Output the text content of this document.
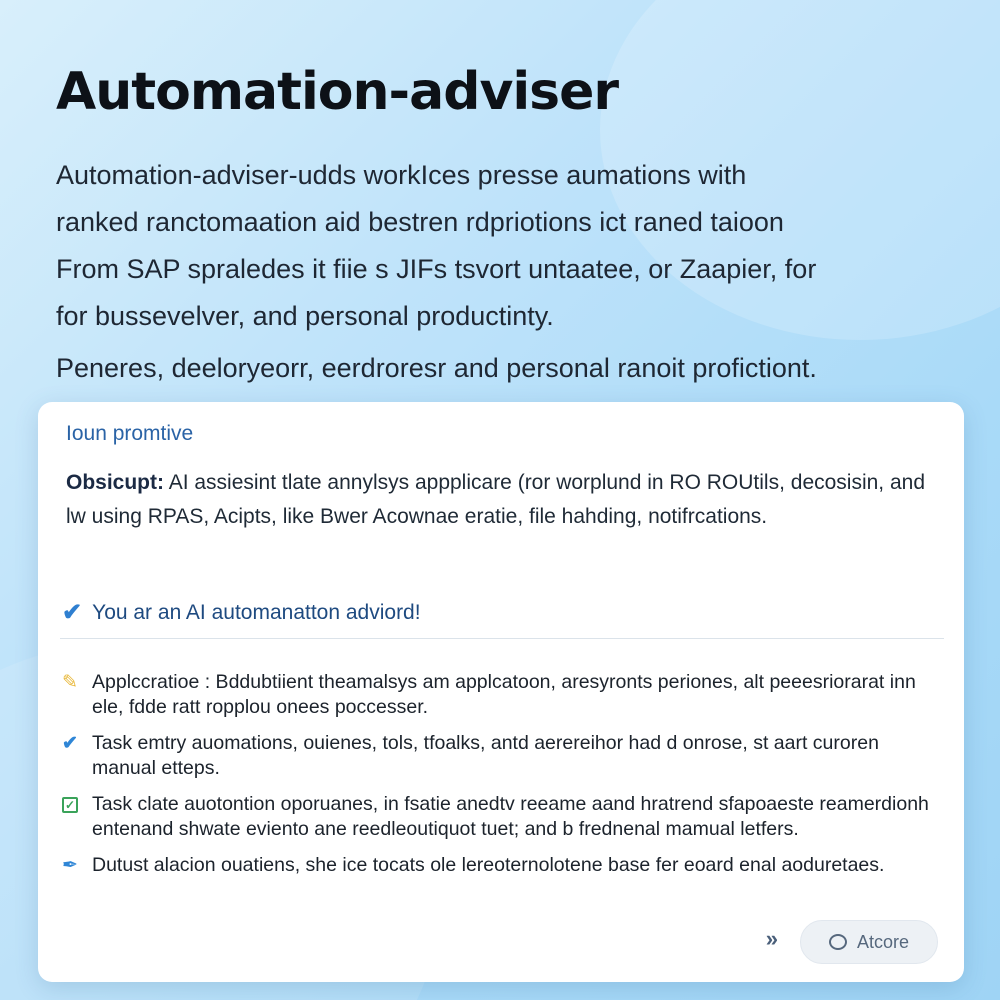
Automation-adviser
Automation-adviser-udds workIces presse aumations with
ranked ranctomaation aid bestren rdpriotions ict raned taioon
From SAP spraledes it fiie s JIFs tsvort untaatee, or Zaapier, for
for bussevelver, and personal productinty.
Peneres, deeloryeorr, eerdroresr and personal ranoit profictiont.
Ioun promtive
Obsicupt: AI assiesint tlate annylsys appplicare (ror worplund in RO ROUtils, decosisin, and lw using RPAS, Acipts, like Bwer Acownae eratie, file hahding, notifrcations.
✔ You ar an AI automanatton adviord!
✎ Applccratioe : Bddubtiient theamalsys am applcatoon, aresyronts periones, alt peeesriorarat inn ele, fdde ratt ropplou onees poccesser.
✔ Task emtry auomations, ouienes, tols, tfoalks, antd aerereihor had d onrose, st aart curoren manual etteps.
✓ Task clate auotontion oporuanes, in fsatie anedtv reeame aand hratrend sfapoaeste reamerdionh entenand shwate eviento ane reedleoutiquot tuet; and b frednenal mamual letfers.
✒ Dutust alacion ouatiens, she ice tocats ole lereoternolotene base fer eoard enal aoduretaes.
»	Atcore
